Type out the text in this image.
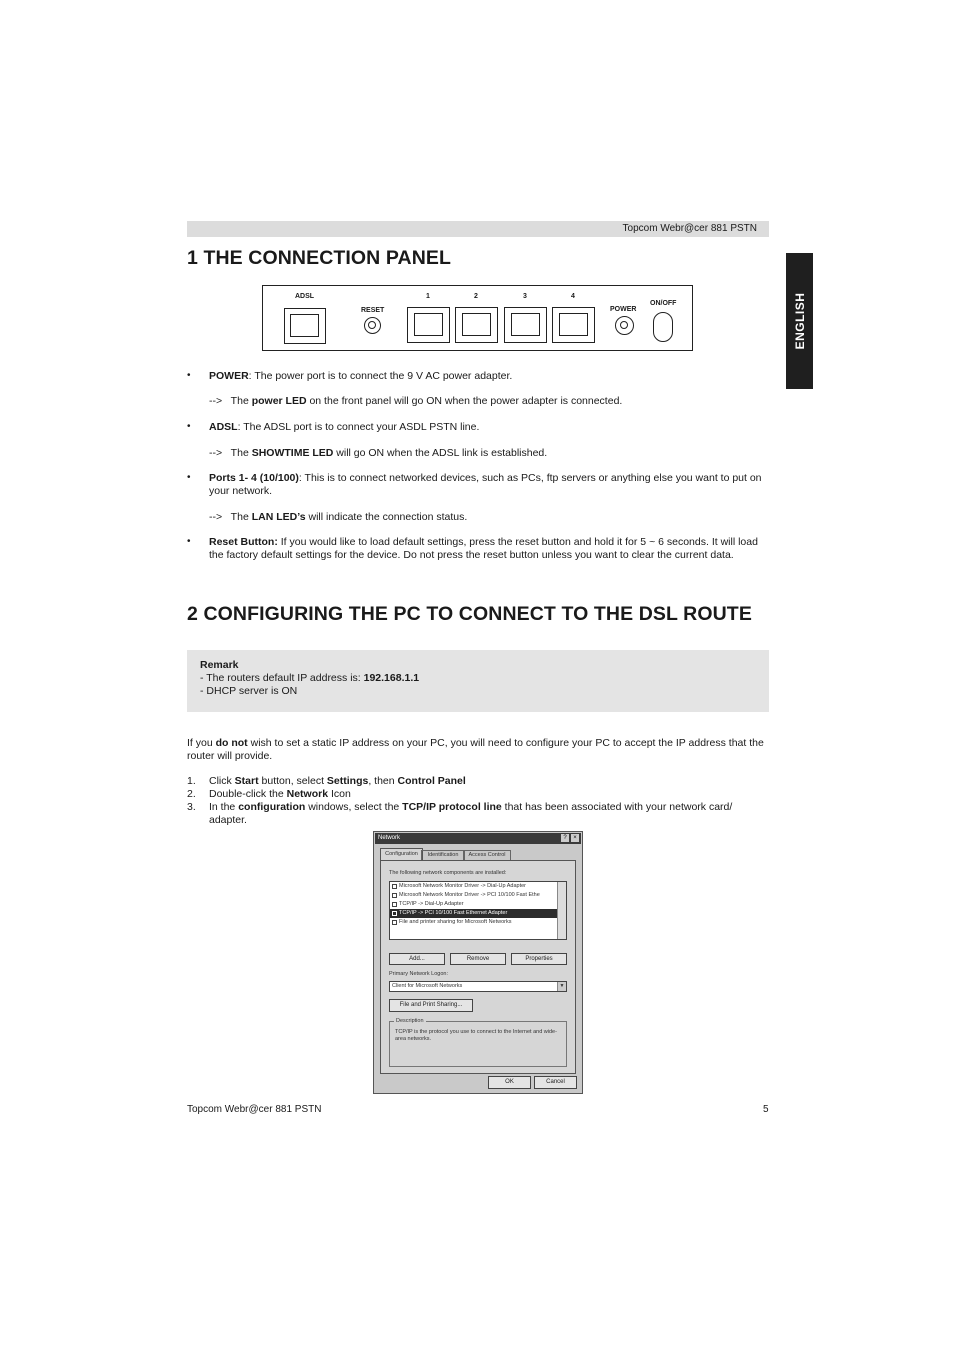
Topcom Webr@cer 881 PSTN
ENGLISH
1 THE CONNECTION PANEL
ADSL
RESET
1	2	3	4
POWER
ON/OFF
• POWER: The power port is to connect the 9 V AC power adapter.
-->   The power LED on the front panel will go ON when the power adapter is connected.
• ADSL: The ADSL port is to connect your ASDL PSTN line.
-->   The SHOWTIME LED will go ON when the ADSL link is established.
• Ports 1- 4 (10/100): This is to connect networked devices, such as PCs, ftp servers or anything else you want to put on your network.
-->   The LAN LED’s will indicate the connection status.
• Reset Button: If you would like to load default settings, press the reset button and hold it for 5 ~ 6 seconds. It will load the factory default settings for the device. Do not press the reset button unless you want to clear the current data.
2 CONFIGURING THE PC TO CONNECT TO THE DSL ROUTE
Remark
- The routers default IP address is: 192.168.1.1
- DHCP server is ON
If you do not wish to set a static IP address on your PC, you will need to configure your PC to accept the IP address that the router will provide.
1. Click Start button, select Settings, then Control Panel
2. Double-click the Network Icon
3. In the configuration windows, select the TCP/IP protocol line that has been associated with your network card/ adapter.
Network	?	×
Configuration	Identification	Access Control
The following network components are installed:
Microsoft Network Monitor Driver -> Dial-Up Adapter
Microsoft Network Monitor Driver -> PCI 10/100 Fast Ethe
TCP/IP -> Dial-Up Adapter
TCP/IP -> PCI 10/100 Fast Ethernet Adapter
File and printer sharing for Microsoft Networks
Add...	Remove	Properties
Primary Network Logon:
Client for Microsoft Networks	▼
File and Print Sharing...
Description
TCP/IP is the protocol you use to connect to the Internet and wide-area networks.
OK	Cancel
Topcom Webr@cer 881 PSTN	5
